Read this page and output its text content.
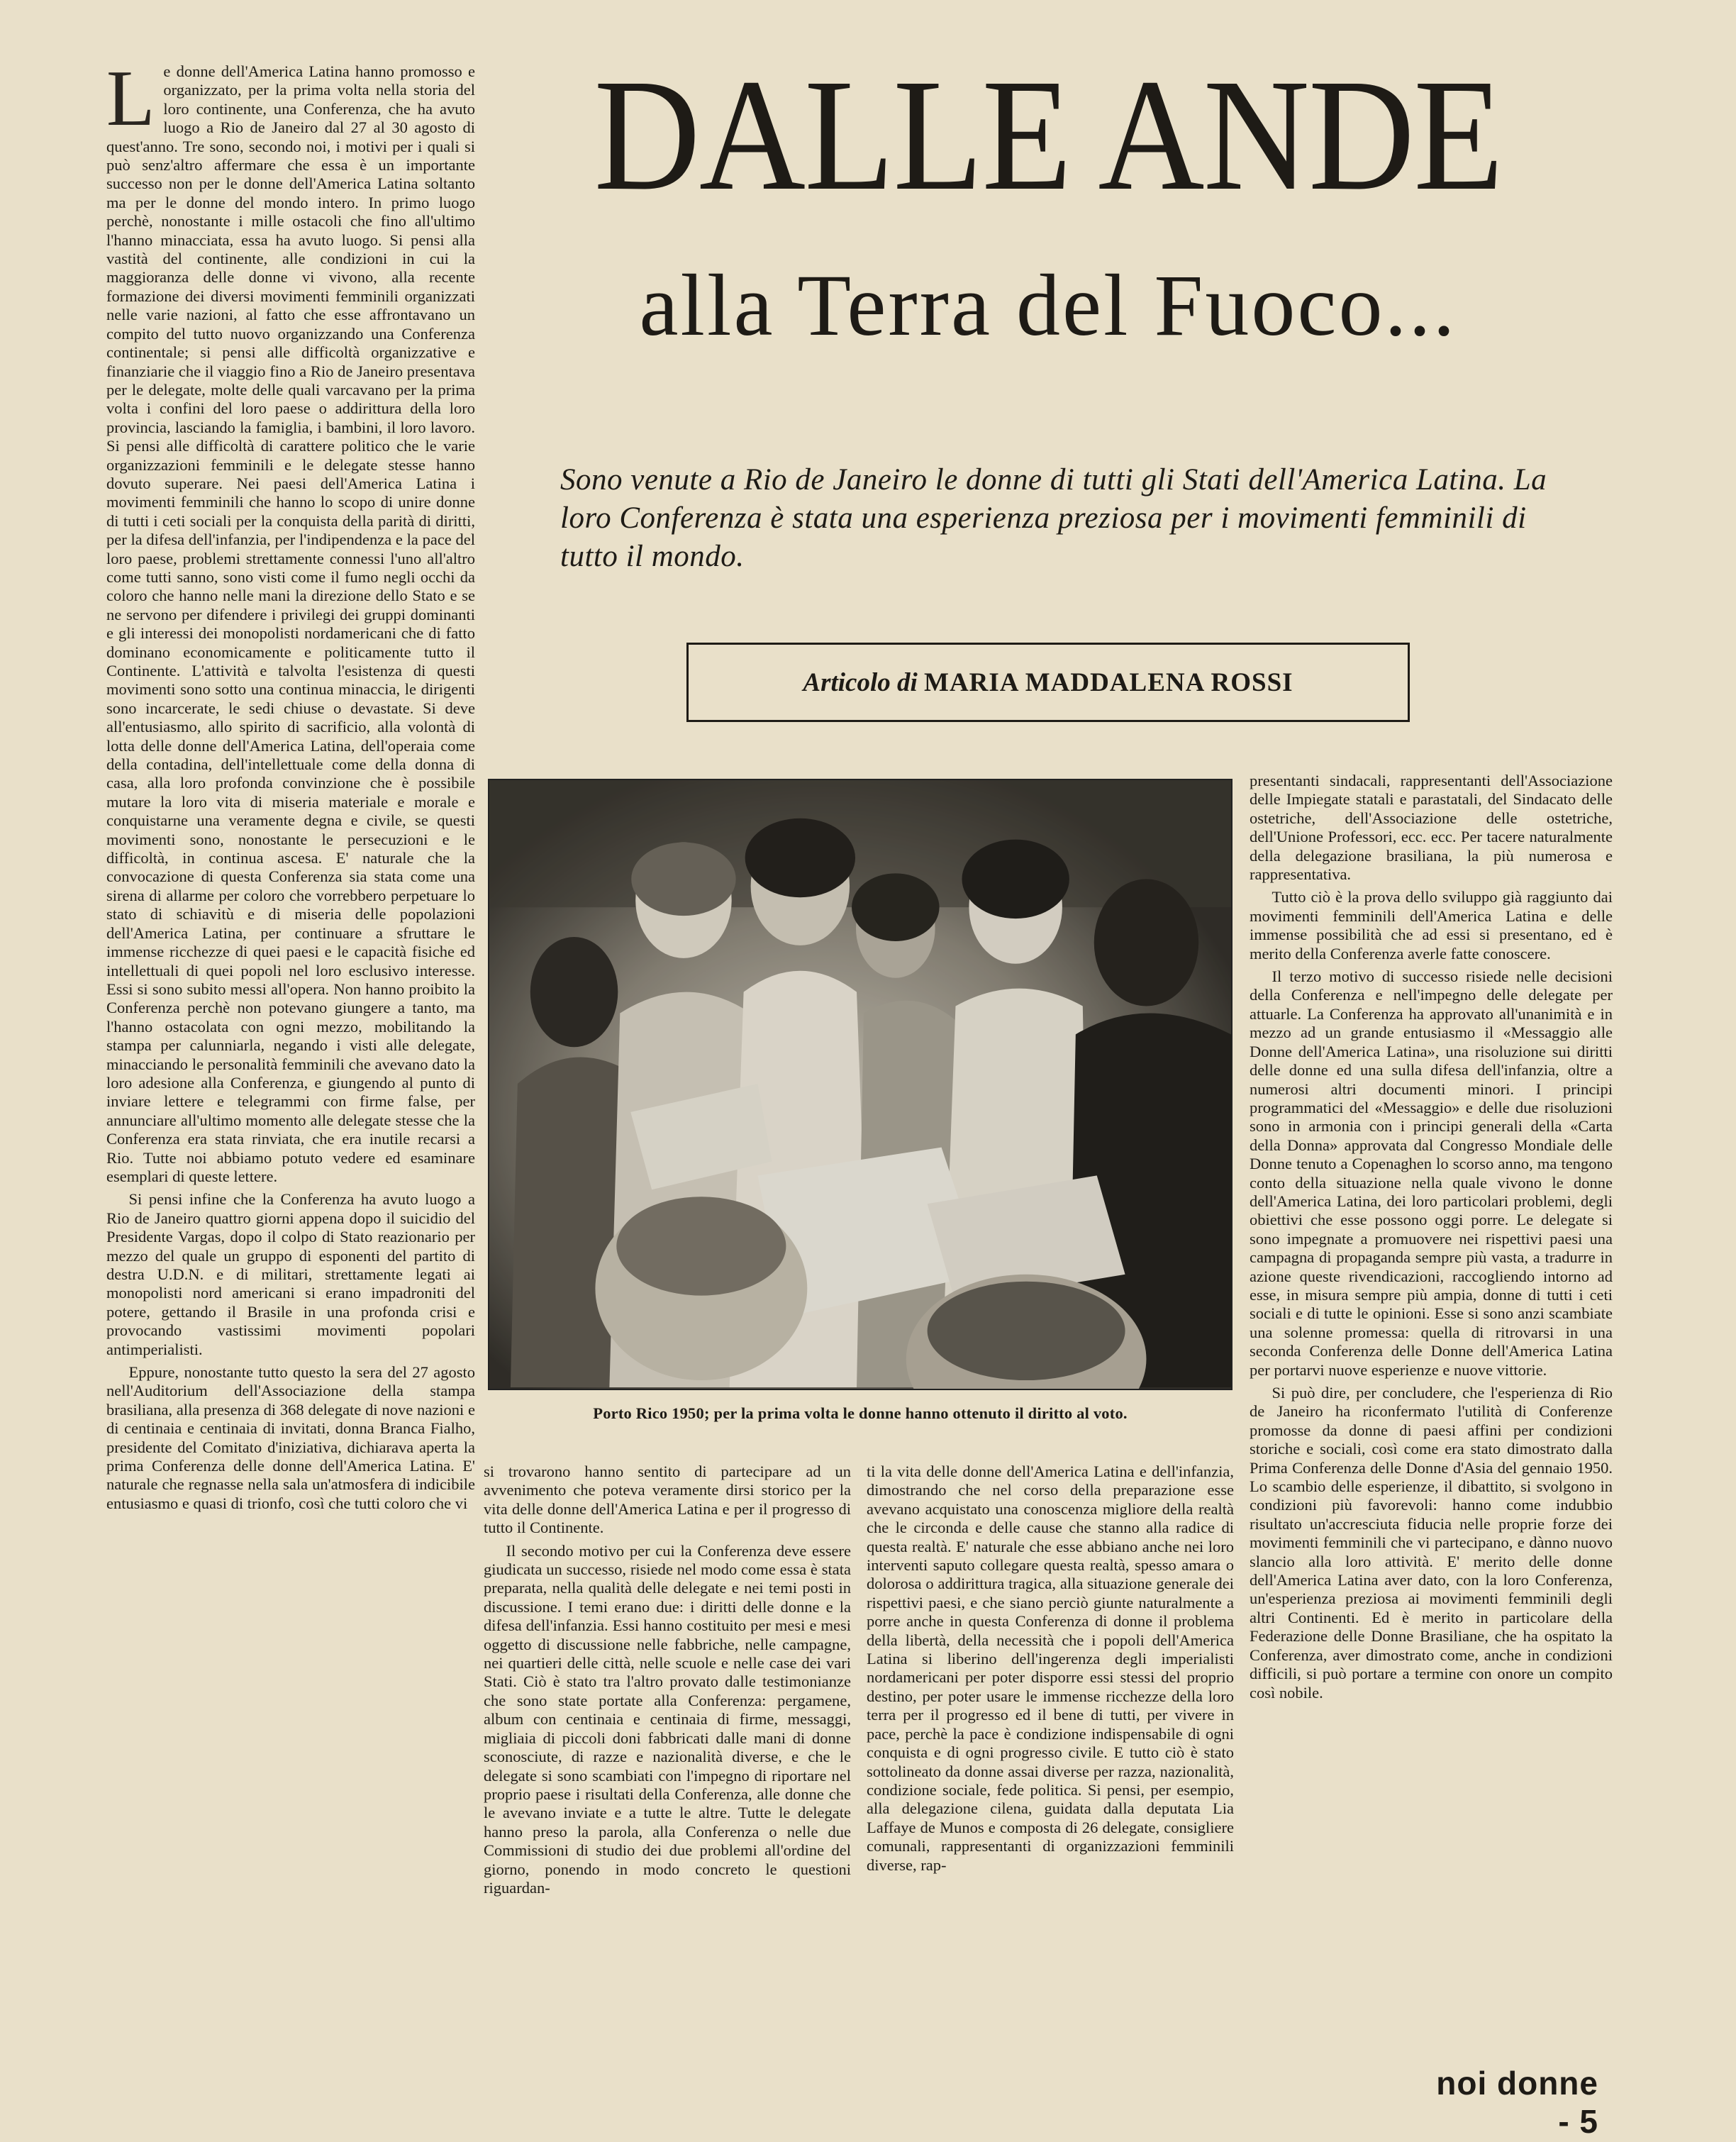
L e donne dell'America Latina hanno promosso e organizzato, per la prima volta nella storia del loro continente, una Conferenza, che ha avuto luogo a Rio de Janeiro dal 27 al 30 agosto di quest'anno. Tre sono, secondo noi, i motivi per i quali si può senz'altro affermare che essa è un importante successo non per le donne dell'America Latina soltanto ma per le donne del mondo intero. In primo luogo perchè, nonostante i mille ostacoli che fino all'ultimo l'hanno minacciata, essa ha avuto luogo. Si pensi alla vastità del continente, alle condizioni in cui la maggioranza delle donne vi vivono, alla recente formazione dei diversi movimenti femminili organizzati nelle varie nazioni, al fatto che esse affrontavano un compito del tutto nuovo organizzando una Conferenza continentale; si pensi alle difficoltà organizzative e finanziarie che il viaggio fino a Rio de Janeiro presentava per le delegate, molte delle quali varcavano per la prima volta i confini del loro paese o addirittura della loro provincia, lasciando la famiglia, i bambini, il loro lavoro. Si pensi alle difficoltà di carattere politico che le varie organizzazioni femminili e le delegate stesse hanno dovuto superare. Nei paesi dell'America Latina i movimenti femminili che hanno lo scopo di unire donne di tutti i ceti sociali per la conquista della parità di diritti, per la difesa dell'infanzia, per l'indipendenza e la pace del loro paese, problemi strettamente connessi l'uno all'altro come tutti sanno, sono visti come il fumo negli occhi da coloro che hanno nelle mani la direzione dello Stato e se ne servono per difendere i privilegi dei gruppi dominanti e gli interessi dei monopolisti nordamericani che di fatto dominano economicamente e politicamente tutto il Continente. L'attività e talvolta l'esistenza di questi movimenti sono sotto una continua minaccia, le dirigenti sono incarcerate, le sedi chiuse o devastate. Si deve all'entusiasmo, allo spirito di sacrificio, alla volontà di lotta delle donne dell'America Latina, dell'operaia come della contadina, dell'intellettuale come della donna di casa, alla loro profonda convinzione che è possibile mutare la loro vita di miseria materiale e morale e conquistarne una veramente degna e civile, se questi movimenti sono, nonostante le persecuzioni e le difficoltà, in continua ascesa. E' naturale che la convocazione di questa Conferenza sia stata come una sirena di allarme per coloro che vorrebbero perpetuare lo stato di schiavitù e di miseria delle popolazioni dell'America Latina, per continuare a sfruttare le immense ricchezze di quei paesi e le capacità fisiche ed intellettuali di quei popoli nel loro esclusivo interesse. Essi si sono subito messi all'opera. Non hanno proibito la Conferenza perchè non potevano giungere a tanto, ma l'hanno ostacolata con ogni mezzo, mobilitando la stampa per calunniarla, negando i visti alle delegate, minacciando le personalità femminili che avevano dato la loro adesione alla Conferenza, e giungendo al punto di inviare lettere e telegrammi con firme false, per annunciare all'ultimo momento alle delegate stesse che la Conferenza era stata rinviata, che era inutile recarsi a Rio. Tutte noi abbiamo potuto vedere ed esaminare esemplari di queste lettere.

Si pensi infine che la Conferenza ha avuto luogo a Rio de Janeiro quattro giorni appena dopo il suicidio del Presidente Vargas, dopo il colpo di Stato reazionario per mezzo del quale un gruppo di esponenti del partito di destra U.D.N. e di militari, strettamente legati ai monopolisti nord americani si erano impadroniti del potere, gettando il Brasile in una profonda crisi e provocando vastissimi movimenti popolari antimperialisti.

Eppure, nonostante tutto questo la sera del 27 agosto nell'Auditorium dell'Associazione della stampa brasiliana, alla presenza di 368 delegate di nove nazioni e di centinaia e centinaia di invitati, donna Branca Fialho, presidente del Comitato d'iniziativa, dichiarava aperta la prima Conferenza delle donne dell'America Latina. E' naturale che regnasse nella sala un'atmosfera di indicibile entusiasmo e quasi di trionfo, così che tutti coloro che vi

DALLE ANDE
alla Terra del Fuoco...

Sono venute a Rio de Janeiro le donne di tutti gli Stati dell'America Latina. La loro Conferenza è stata una esperienza preziosa per i movimenti femminili di tutto il mondo.

Articolo di
MARIA MADDALENA ROSSI

Porto Rico 1950; per la prima volta le donne hanno ottenuto il diritto al voto.

si trovarono hanno sentito di partecipare ad un avvenimento che poteva veramente dirsi storico per la vita delle donne dell'America Latina e per il progresso di tutto il Continente.

Il secondo motivo per cui la Conferenza deve essere giudicata un successo, risiede nel modo come essa è stata preparata, nella qualità delle delegate e nei temi posti in discussione. I temi erano due: i diritti delle donne e la difesa dell'infanzia. Essi hanno costituito per mesi e mesi oggetto di discussione nelle fabbriche, nelle campagne, nei quartieri delle città, nelle scuole e nelle case dei vari Stati. Ciò è stato tra l'altro provato dalle testimonianze che sono state portate alla Conferenza: pergamene, album con centinaia e centinaia di firme, messaggi, migliaia di piccoli doni fabbricati dalle mani di donne sconosciute, di razze e nazionalità diverse, e che le delegate si sono scambiati con l'impegno di riportare nel proprio paese i risultati della Conferenza, alle donne che le avevano inviate e a tutte le altre. Tutte le delegate hanno preso la parola, alla Conferenza o nelle due Commissioni di studio dei due problemi all'ordine del giorno, ponendo in modo concreto le questioni riguardan-

ti la vita delle donne dell'America Latina e dell'infanzia, dimostrando che nel corso della preparazione esse avevano acquistato una conoscenza migliore della realtà che le circonda e delle cause che stanno alla radice di questa realtà. E' naturale che esse abbiano anche nei loro interventi saputo collegare questa realtà, spesso amara o dolorosa o addirittura tragica, alla situazione generale dei rispettivi paesi, e che siano perciò giunte naturalmente a porre anche in questa Conferenza di donne il problema della libertà, della necessità che i popoli dell'America Latina si liberino dell'ingerenza degli imperialisti nordamericani per poter disporre essi stessi del proprio destino, per poter usare le immense ricchezze della loro terra per il progresso ed il bene di tutti, per vivere in pace, perchè la pace è condizione indispensabile di ogni conquista e di ogni progresso civile. E tutto ciò è stato sottolineato da donne assai diverse per razza, nazionalità, condizione sociale, fede politica. Si pensi, per esempio, alla delegazione cilena, guidata dalla deputata Lia Laffaye de Munos e composta di 26 delegate, consigliere comunali, rappresentanti di organizzazioni femminili diverse, rap-

presentanti sindacali, rappresentanti dell'Associazione delle Impiegate statali e parastatali, del Sindacato delle ostetriche, dell'Associazione delle ostetriche, dell'Unione Professori, ecc. ecc. Per tacere naturalmente della delegazione brasiliana, la più numerosa e rappresentativa.

Tutto ciò è la prova dello sviluppo già raggiunto dai movimenti femminili dell'America Latina e delle immense possibilità che ad essi si presentano, ed è merito della Conferenza averle fatte conoscere.

Il terzo motivo di successo risiede nelle decisioni della Conferenza e nell'impegno delle delegate per attuarle. La Conferenza ha approvato all'unanimità e in mezzo ad un grande entusiasmo il «Messaggio alle Donne dell'America Latina», una risoluzione sui diritti delle donne ed una sulla difesa dell'infanzia, oltre a numerosi altri documenti minori. I principi programmatici del «Messaggio» e delle due risoluzioni sono in armonia con i principi generali della «Carta della Donna» approvata dal Congresso Mondiale delle Donne tenuto a Copenaghen lo scorso anno, ma tengono conto della situazione nella quale vivono le donne dell'America Latina, dei loro particolari problemi, degli obiettivi che esse possono oggi porre. Le delegate si sono impegnate a promuovere nei rispettivi paesi una campagna di propaganda sempre più vasta, a tradurre in azione queste rivendicazioni, raccogliendo intorno ad esse, in misura sempre più ampia, donne di tutti i ceti sociali e di tutte le opinioni. Esse si sono anzi scambiate una solenne promessa: quella di ritrovarsi in una seconda Conferenza delle Donne dell'America Latina per portarvi nuove esperienze e nuove vittorie.

Si può dire, per concludere, che l'esperienza di Rio de Janeiro ha riconfermato l'utilità di Conferenze promosse da donne di paesi affini per condizioni storiche e sociali, così come era stato dimostrato dalla Prima Conferenza delle Donne d'Asia del gennaio 1950. Lo scambio delle esperienze, il dibattito, si svolgono in condizioni più favorevoli: hanno come indubbio risultato un'accresciuta fiducia nelle proprie forze dei movimenti femminili che vi partecipano, e dànno nuovo slancio alla loro attività. E' merito delle donne dell'America Latina aver dato, con la loro Conferenza, un'esperienza preziosa ai movimenti femminili degli altri Continenti. Ed è merito in particolare della Federazione delle Donne Brasiliane, che ha ospitato la Conferenza, aver dimostrato come, anche in condizioni difficili, si può portare a termine con onore un compito così nobile.

noi donne - 5
